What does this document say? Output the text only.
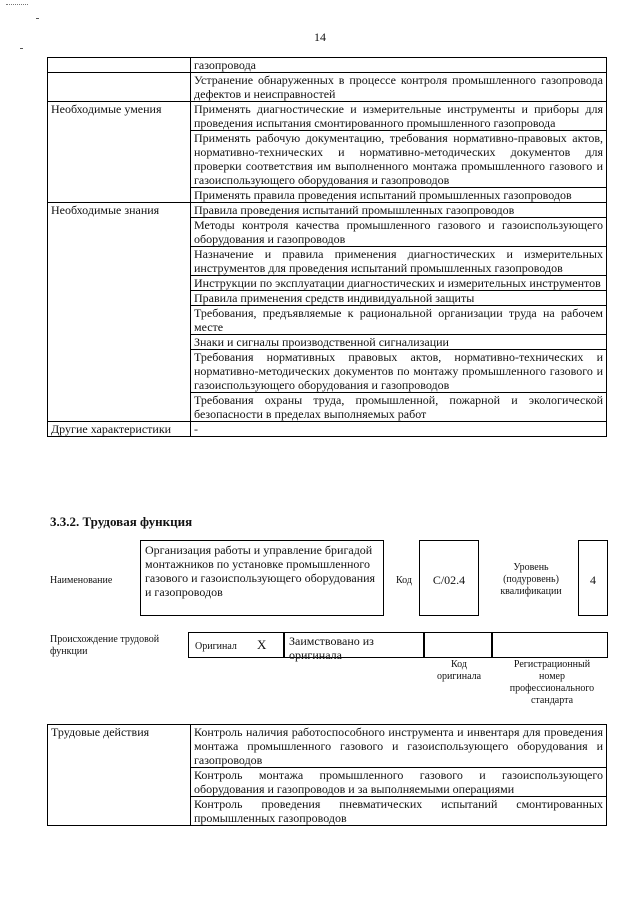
14
	газопровода
	Устранение обнаруженных в процессе контроля промышленного газопровода дефектов и неисправностей
Необходимые умения	Применять диагностические и измерительные инструменты и приборы для проведения испытания смонтированного промышленного газопровода
	Применять рабочую документацию, требования нормативно-правовых актов, нормативно-технических и нормативно-методических документов для проверки соответствия им выполненного монтажа промышленного газового и газоиспользующего оборудования и газопроводов
	Применять правила проведения испытаний промышленных газопроводов
Необходимые знания	Правила проведения испытаний промышленных газопроводов
	Методы контроля качества промышленного газового и газоиспользующего оборудования и газопроводов
	Назначение и правила применения диагностических и измерительных инструментов для проведения испытаний промышленных газопроводов
	Инструкции по эксплуатации диагностических и измерительных инструментов
	Правила применения средств индивидуальной защиты
	Требования, предъявляемые к рациональной организации труда на рабочем месте
	Знаки и сигналы производственной сигнализации
	Требования нормативных правовых актов, нормативно-технических и нормативно-методических документов по монтажу промышленного газового и газоиспользующего оборудования и газопроводов
	Требования охраны труда, промышленной, пожарной и экологической безопасности в пределах выполняемых работ
Другие характеристики	-
3.3.2. Трудовая функция
Наименование
Организация работы и управление бригадой монтажников по установке промышленного газового и газоиспользующего оборудования и газопроводов
Код	C/02.4
Уровень (подуровень) квалификации
4
Происхождение трудовой функции	Оригинал X	Заимствовано из оригинала
Код оригинала
Регистрационный номер профессионального стандарта
Трудовые действия	Контроль наличия работоспособного инструмента и инвентаря для проведения монтажа промышленного газового и газоиспользующего оборудования и газопроводов
Контроль монтажа промышленного газового и газоиспользующего оборудования и газопроводов и за выполняемыми операциями
Контроль проведения пневматических испытаний смонтированных промышленных газопроводов
